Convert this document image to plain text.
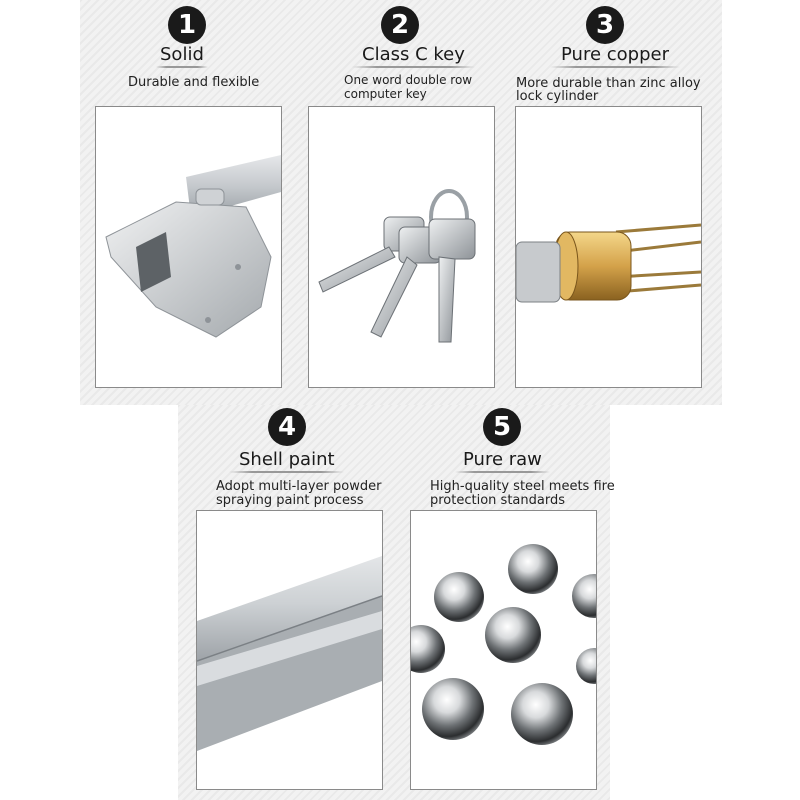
1
Solid
Durable and flexible
2
Class C key
One word double row
computer key
3
Pure copper
More durable than zinc alloy
lock cylinder
4
Shell paint
Adopt multi-layer powder
spraying paint process
5
Pure raw
High-quality steel meets fire
protection standards
